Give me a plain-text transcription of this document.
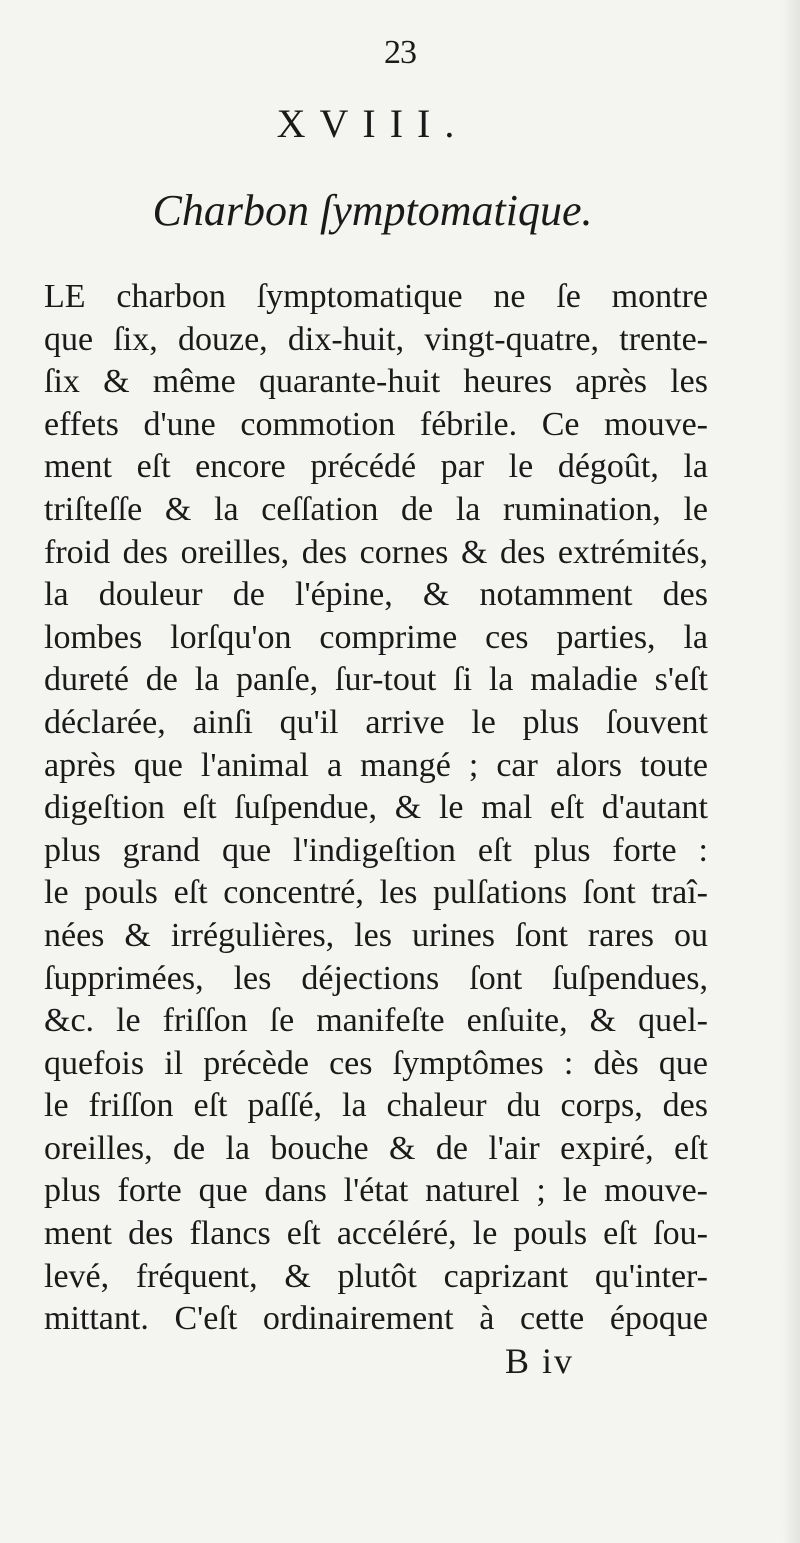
23
XVIII.
Charbon ſymptomatique.
LE charbon ſymptomatique ne ſe montre
que ſix, douze, dix-huit, vingt-quatre, trente-
ſix & même quarante-huit heures après les
effets d'une commotion fébrile. Ce mouve-
ment eſt encore précédé par le dégoût, la
triſteſſe & la ceſſation de la rumination, le
froid des oreilles, des cornes & des extrémités,
la douleur de l'épine, & notamment des
lombes lorſqu'on comprime ces parties, la
dureté de la panſe, ſur-tout ſi la maladie s'eſt
déclarée, ainſi qu'il arrive le plus ſouvent
après que l'animal a mangé ; car alors toute
digeſtion eſt ſuſpendue, & le mal eſt d'autant
plus grand que l'indigeſtion eſt plus forte :
le pouls eſt concentré, les pulſations ſont traî-
nées & irrégulières, les urines ſont rares ou
ſupprimées, les déjections ſont ſuſpendues,
&c. le friſſon ſe manifeſte enſuite, & quel-
quefois il précède ces ſymptômes : dès que
le friſſon eſt paſſé, la chaleur du corps, des
oreilles, de la bouche & de l'air expiré, eſt
plus forte que dans l'état naturel ; le mouve-
ment des flancs eſt accéléré, le pouls eſt ſou-
levé, fréquent, & plutôt caprizant qu'inter-
mittant. C'eſt ordinairement à cette époque
B iv
